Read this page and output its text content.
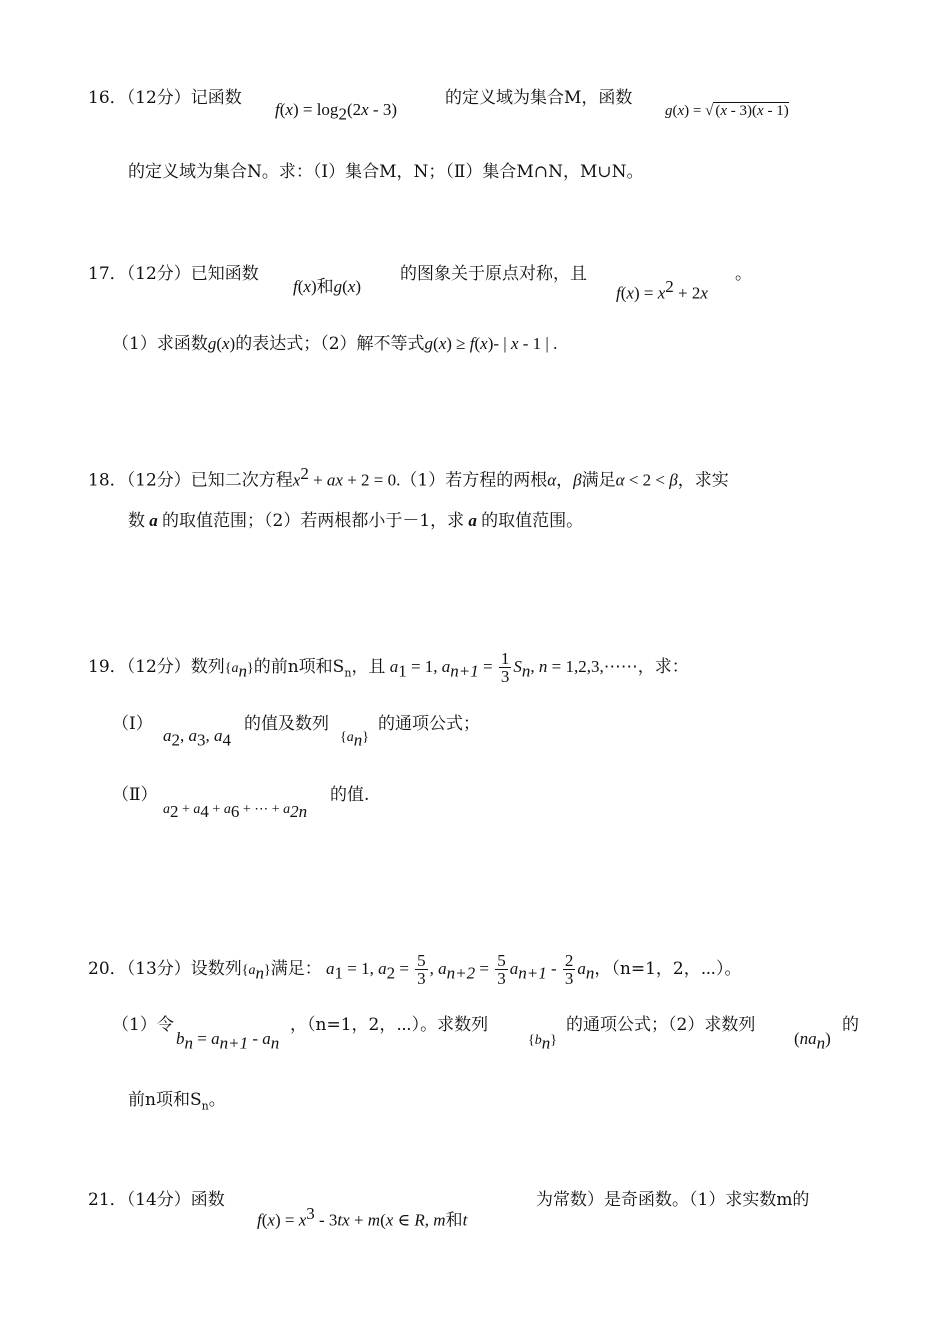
16．（12分）记函数
$f(x) = \log_2(2x - 3)$
的定义域为集合M，函数
g(x) = √ (x - 3)(x - 1)
的定义域为集合N。求：（Ⅰ）集合M，N；（Ⅱ）集合M∩N，M∪N。
17．（12分）已知函数
f(x)和g(x)
的图象关于原点对称，且
$f(x) = x^2 + 2x$
。
（1）求函数g(x)的表达式；（2）解不等式g(x) ≥ f(x)- | x - 1 | .
18．（12分）已知二次方程$x^2$ + ax + 2 = 0.（1）若方程的两根α，β满足α < 2 < β，求实
数 a 的取值范围；（2）若两根都小于－1，求 a 的取值范围。
19．（12分）数列$\{a_n\}$的前n项和$S_n$，且 $a_1 = 1$, $a_{n+1} = \frac{1}{3} S_n$, n = 1,2,3,⋯⋯，求：
（Ⅰ）
$a_2$, $a_3$, $a_4$
的值及数列
$\{a_n\}$
的通项公式；
（Ⅱ）
$a_2 + a_4 + a_6$ + ⋯ + $a_{2n}$
的值.
20．（13分）设数列$\{a_n\}$满足： $a_1 = 1$, $a_2 = \frac{5}{3}$ , $a_{n+2} = \frac{5}{3} a_{n+1} - \frac{2}{3} a_n$，（n=1，2，⋯）。
（1）令
$b_n = a_{n+1} - a_n$
，（n=1，2，⋯）。求数列
$\{b_n\}$
的通项公式；（2）求数列
$(na_n)$
的
前n项和$S_n$。
21．（14分）函数
$f(x) = x^3 - 3tx + m(x$ ∈ R, m和t
为常数）是奇函数。（1）求实数m的
